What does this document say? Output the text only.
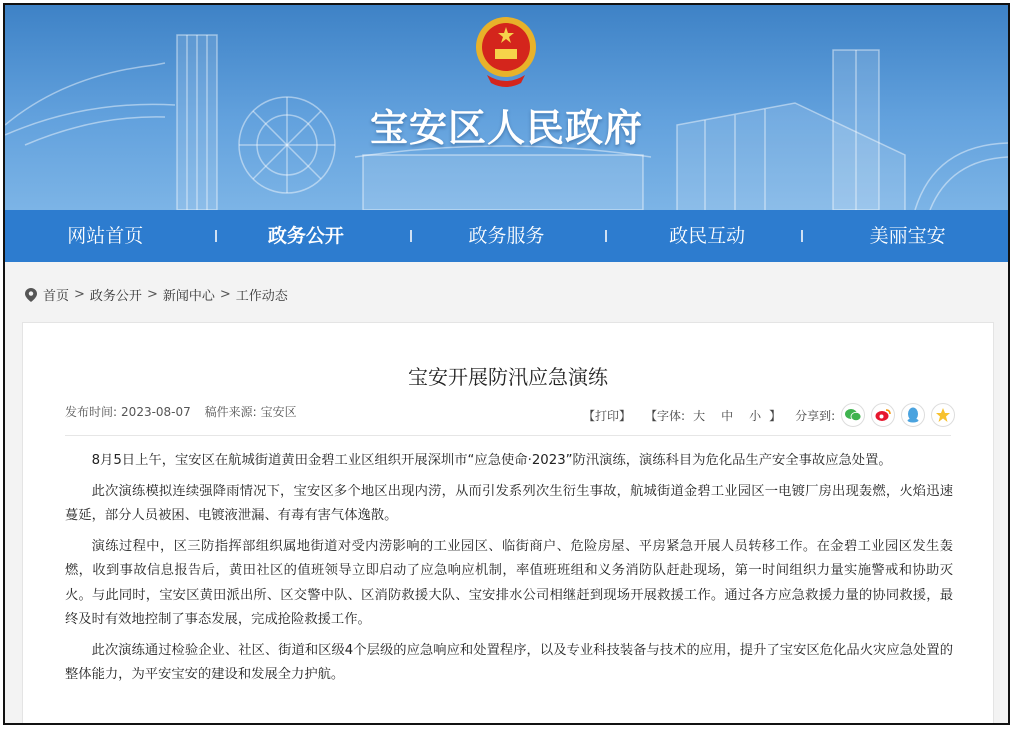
宝安区人民政府
网站首页	政务公开	政务服务	政民互动	美丽宝安
首页 > 政务公开 > 新闻中心 > 工作动态
宝安开展防汛应急演练
发布时间: 2023-08-07 稿件来源: 宝安区	【打印】 【字体: 大 中 小 】 分享到:

8月5日上午，宝安区在航城街道黄田金碧工业区组织开展深圳市“应急使命·2023”防汛演练，演练科目为危化品生产安全事故应急处置。

此次演练模拟连续强降雨情况下，宝安区多个地区出现内涝，从而引发系列次生衍生事故，航城街道金碧工业园区一电镀厂房出现轰燃，火焰迅速蔓延，部分人员被困、电镀液泄漏、有毒有害气体逸散。

演练过程中，区三防指挥部组织属地街道对受内涝影响的工业园区、临街商户、危险房屋、平房紧急开展人员转移工作。在金碧工业园区发生轰燃，收到事故信息报告后，黄田社区的值班领导立即启动了应急响应机制，率值班班组和义务消防队赶赴现场，第一时间组织力量实施警戒和协助灭火。与此同时，宝安区黄田派出所、区交警中队、区消防救援大队、宝安排水公司相继赶到现场开展救援工作。通过各方应急救援力量的协同救援，最终及时有效地控制了事态发展，完成抢险救援工作。

此次演练通过检验企业、社区、街道和区级4个层级的应急响应和处置程序，以及专业科技装备与技术的应用，提升了宝安区危化品火灾应急处置的整体能力，为平安宝安的建设和发展全力护航。
